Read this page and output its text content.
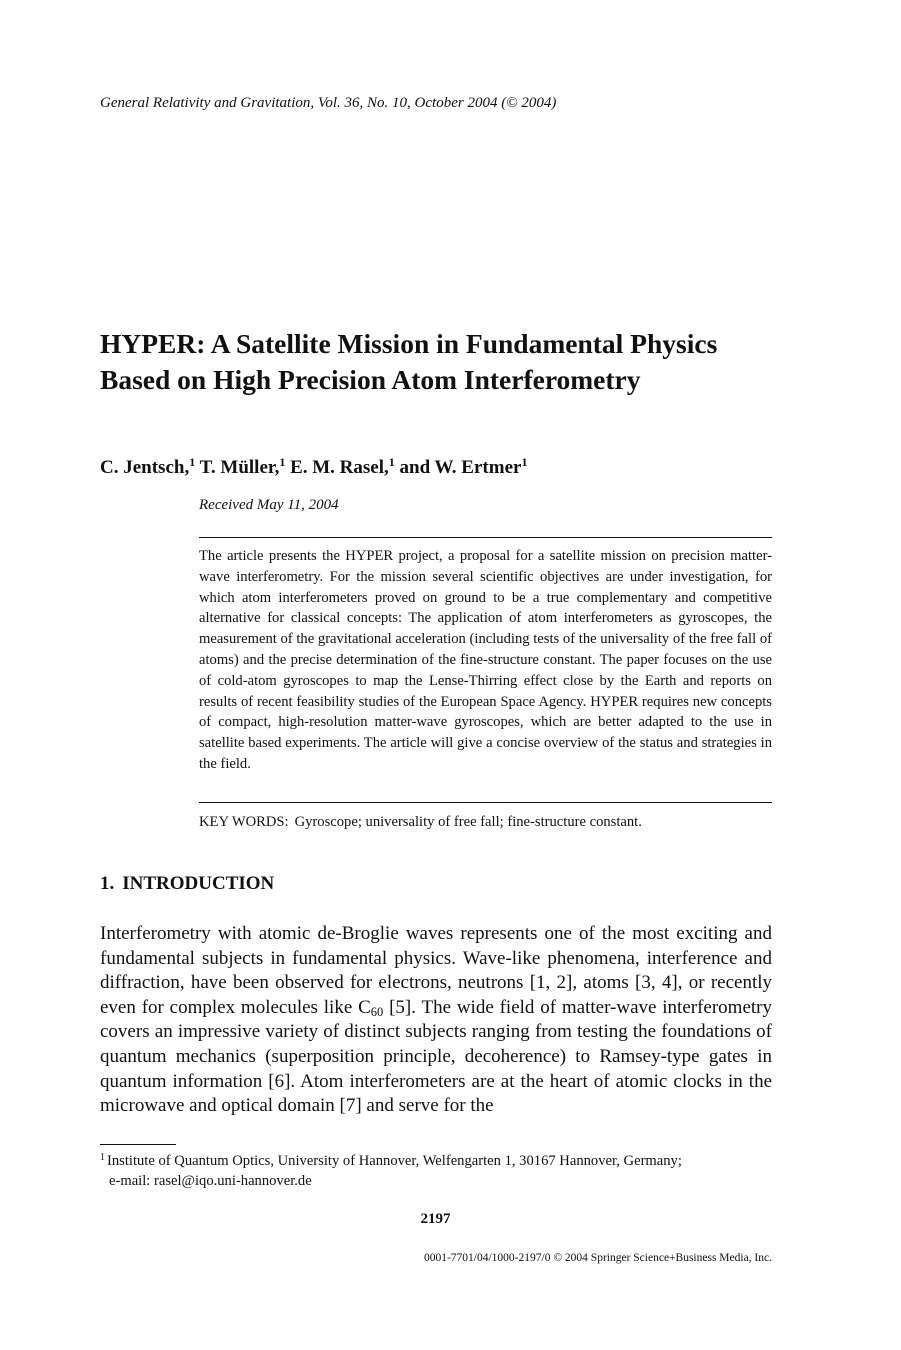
General Relativity and Gravitation, Vol. 36, No. 10, October 2004 (© 2004)
HYPER: A Satellite Mission in Fundamental Physics
Based on High Precision Atom Interferometry
C. Jentsch,$^1$ T. Müller,$^1$ E. M. Rasel,$^1$ and W. Ertmer$^1$
Received May 11, 2004
The article presents the HYPER project, a proposal for a satellite mission on precision matter-wave interferometry. For the mission several scientific objectives are under investigation, for which atom interferometers proved on ground to be a true complementary and competitive alternative for classical concepts: The application of atom interferometers as gyroscopes, the measurement of the gravitational acceleration (including tests of the universality of the free fall of atoms) and the precise determination of the fine-structure constant. The paper focuses on the use of cold-atom gyroscopes to map the Lense-Thirring effect close by the Earth and reports on results of recent feasibility studies of the European Space Agency. HYPER requires new concepts of compact, high-resolution matter-wave gyroscopes, which are better adapted to the use in satellite based experiments. The article will give a concise overview of the status and strategies in the field.
KEY WORDS: Gyroscope; universality of free fall; fine-structure constant.
1. INTRODUCTION
Interferometry with atomic de-Broglie waves represents one of the most exciting and fundamental subjects in fundamental physics. Wave-like phenomena, interference and diffraction, have been observed for electrons, neutrons [1, 2], atoms [3, 4], or recently even for complex molecules like $C_{60}$ [5]. The wide field of matter-wave interferometry covers an impressive variety of distinct subjects ranging from testing the foundations of quantum mechanics (superposition principle, decoherence) to Ramsey-type gates in quantum information [6]. Atom interferometers are at the heart of atomic clocks in the microwave and optical domain [7] and serve for the
$^1$ Institute of Quantum Optics, University of Hannover, Welfengarten 1, 30167 Hannover, Germany;
e-mail: rasel@iqo.uni-hannover.de
2197
0001-7701/04/1000-2197/0 © 2004 Springer Science+Business Media, Inc.
